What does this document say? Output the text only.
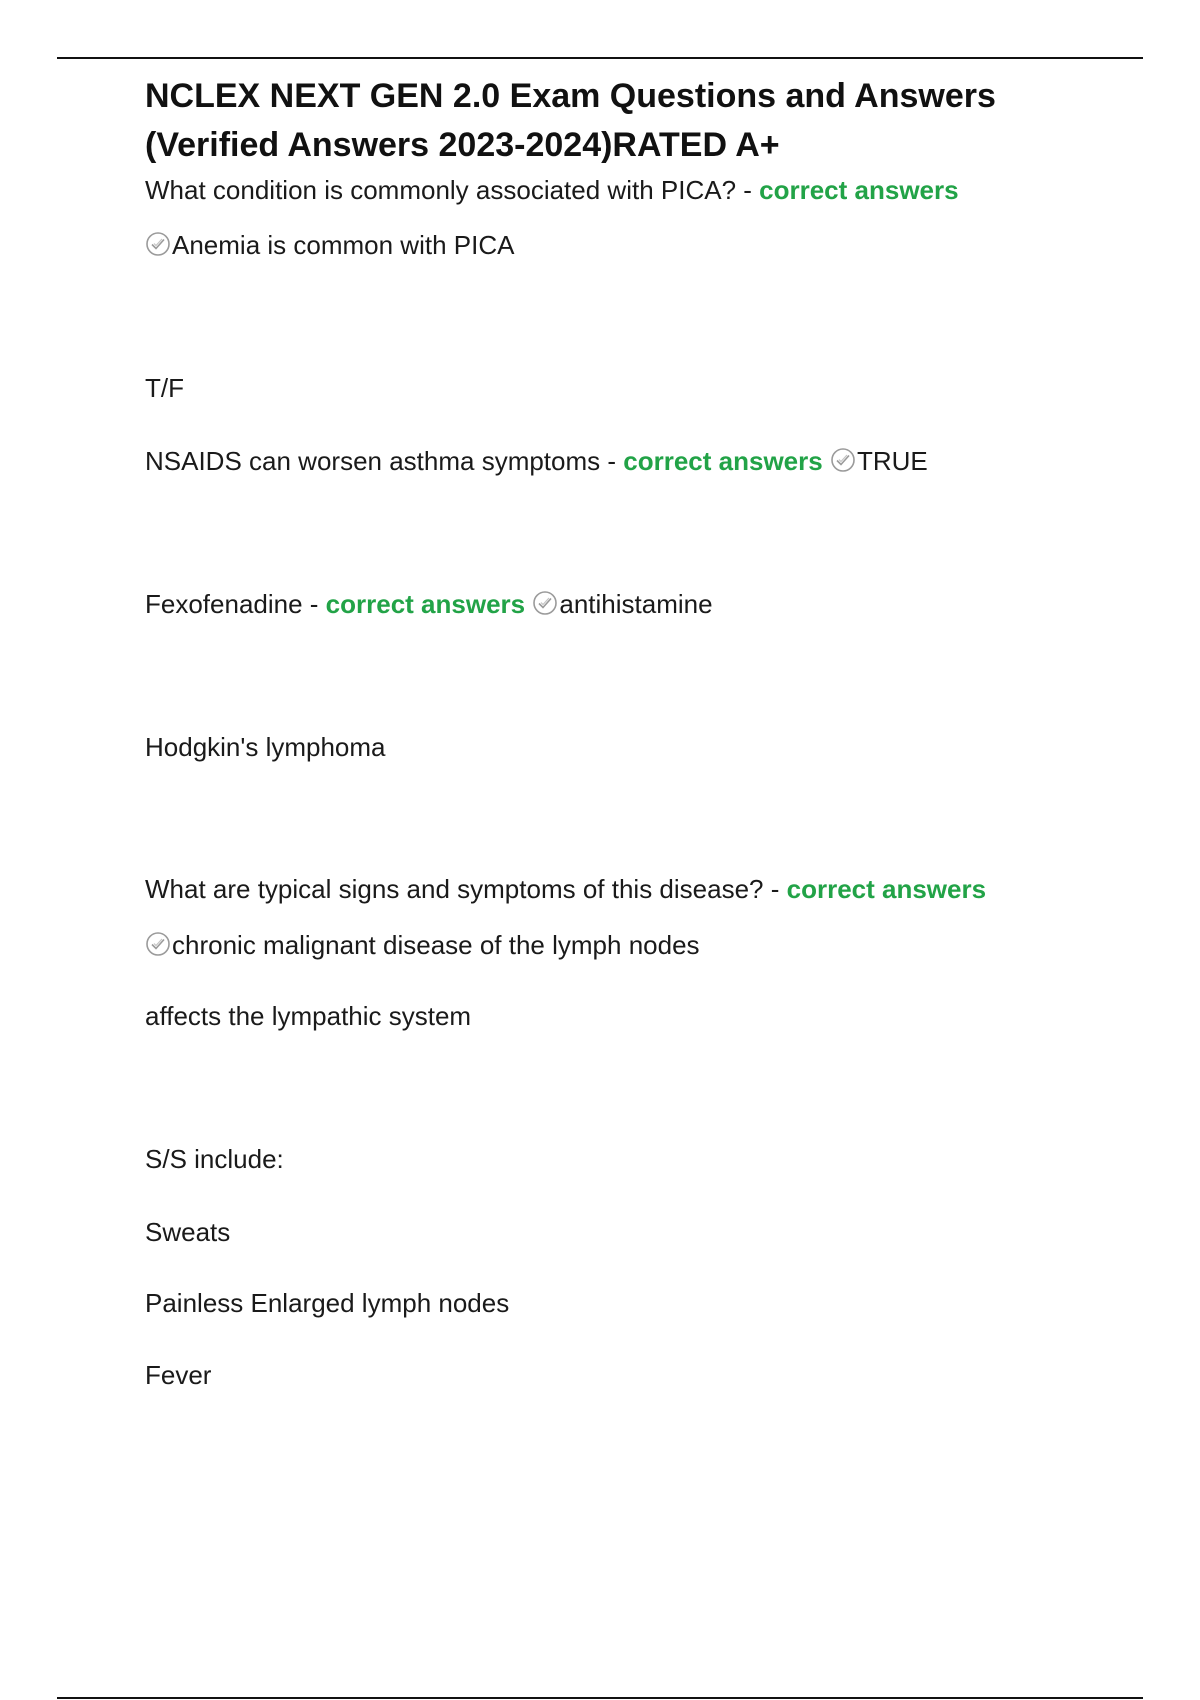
NCLEX NEXT GEN 2.0 Exam Questions and Answers
(Verified Answers 2023-2024)RATED A+
What condition is commonly associated with PICA? - correct answers
Anemia is common with PICA
T/F
NSAIDS can worsen asthma symptoms - correct answers TRUE
Fexofenadine - correct answers antihistamine
Hodgkin's lymphoma
What are typical signs and symptoms of this disease? - correct answers
chronic malignant disease of the lymph nodes
affects the lympathic system
S/S include:
Sweats
Painless Enlarged lymph nodes
Fever
